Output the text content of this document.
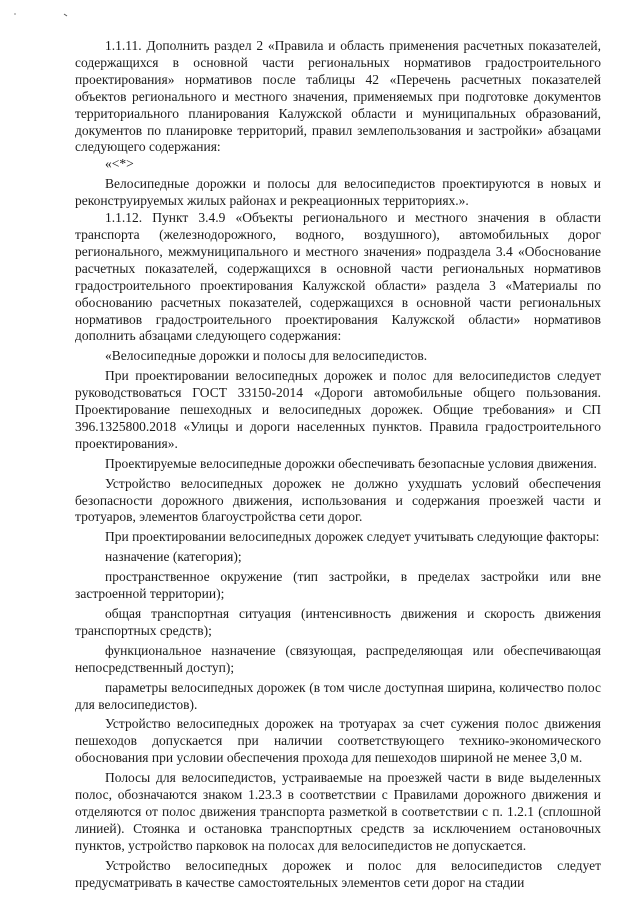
1.1.11. Дополнить раздел 2 «Правила и область применения расчетных показателей, содержащихся в основной части региональных нормативов градостроительного проектирования» нормативов после таблицы 42 «Перечень расчетных показателей объектов регионального и местного значения, применяемых при подготовке документов территориального планирования Калужской области и муниципальных образований, документов по планировке территорий, правил землепользования и застройки» абзацами следующего содержания:

«<*>

Велосипедные дорожки и полосы для велосипедистов проектируются в новых и реконструируемых жилых районах и рекреационных территориях.».

1.1.12. Пункт 3.4.9 «Объекты регионального и местного значения в области транспорта (железнодорожного, водного, воздушного), автомобильных дорог регионального, межмуниципального и местного значения» подраздела 3.4 «Обоснование расчетных показателей, содержащихся в основной части региональных нормативов градостроительного проектирования Калужской области» раздела 3 «Материалы по обоснованию расчетных показателей, содержащихся в основной части региональных нормативов градостроительного проектирования Калужской области» нормативов дополнить абзацами следующего содержания:

«Велосипедные дорожки и полосы для велосипедистов.

При проектировании велосипедных дорожек и полос для велосипедистов следует руководствоваться ГОСТ 33150-2014 «Дороги автомобильные общего пользования. Проектирование пешеходных и велосипедных дорожек. Общие требования» и СП 396.1325800.2018 «Улицы и дороги населенных пунктов. Правила градостроительного проектирования».

Проектируемые велосипедные дорожки обеспечивать безопасные условия движения.

Устройство велосипедных дорожек не должно ухудшать условий обеспечения безопасности дорожного движения, использования и содержания проезжей части и тротуаров, элементов благоустройства сети дорог.

При проектировании велосипедных дорожек следует учитывать следующие факторы:

назначение (категория);

пространственное окружение (тип застройки, в пределах застройки или вне застроенной территории);

общая транспортная ситуация (интенсивность движения и скорость движения транспортных средств);

функциональное назначение (связующая, распределяющая или обеспечивающая непосредственный доступ);

параметры велосипедных дорожек (в том числе доступная ширина, количество полос для велосипедистов).

Устройство велосипедных дорожек на тротуарах за счет сужения полос движения пешеходов допускается при наличии соответствующего технико-экономического обоснования при условии обеспечения прохода для пешеходов шириной не менее 3,0 м.

Полосы для велосипедистов, устраиваемые на проезжей части в виде выделенных полос, обозначаются знаком 1.23.3 в соответствии с Правилами дорожного движения и отделяются от полос движения транспорта разметкой в соответствии с п. 1.2.1 (сплошной линией). Стоянка и остановка транспортных средств за исключением остановочных пунктов, устройство парковок на полосах для велосипедистов не допускается.

Устройство велосипедных дорожек и полос для велосипедистов следует предусматривать в качестве самостоятельных элементов сети дорог на стадии
